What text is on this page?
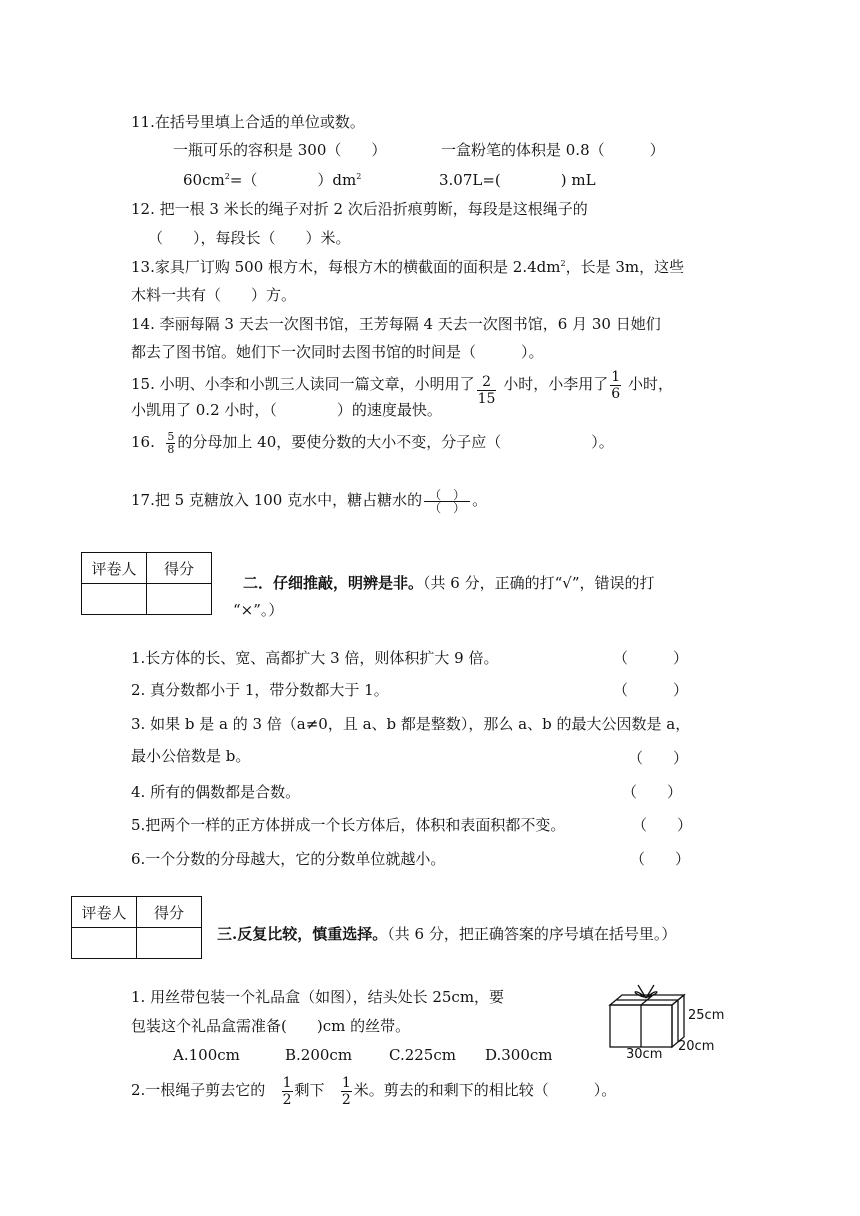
11.在括号里填上合适的单位或数。
一瓶可乐的容积是 300（　　）	一盒粉笔的体积是 0.8（　　　）
$60cm^2=$（　　　　）$dm^2$	3.07L=(　　　　) mL
12. 把一根 3 米长的绳子对折 2 次后沿折痕剪断，每段是这根绳子的
（　　），每段长（　　）米。
13.家具厂订购 500 根方木，每根方木的横截面的面积是 $2.4dm^2$，长是 3m，这些
木料一共有（　　）方。
14. 李丽每隔 3 天去一次图书馆，王芳每隔 4 天去一次图书馆，6 月 30 日她们
都去了图书馆。她们下一次同时去图书馆的时间是（　　　）。
15. 小明、小李和小凯三人读同一篇文章，小明用了 $\frac{2}{15}$ 小时，小李用了 $\frac{1}{6}$ 小时，
小凯用了 0.2 小时，（　　　　）的速度最快。
16. $\frac{5}{8}$ 的分母加上 40，要使分数的大小不变，分子应（　　　　　　）。
17.把 5 克糖放入 100 克水中，糖占糖水的 $\frac{( )}{( )}$ 。
评卷人	得分

二．仔细推敲，明辨是非。（共 6 分，正确的打“√”，错误的打
“×”。）
1.长方体的长、宽、高都扩大 3 倍，则体积扩大 9 倍。	（　　　）
2. 真分数都小于 1，带分数都大于 1。	（　　　）
3. 如果 b 是 a 的 3 倍（a≠0，且 a、b 都是整数），那么 a、b 的最大公因数是 a，
最小公倍数是 b。	（　　）
4. 所有的偶数都是合数。	（　　）
5.把两个一样的正方体拼成一个长方体后，体积和表面积都不变。	（　　）
6.一个分数的分母越大，它的分数单位就越小。	（　　）
评卷人	得分

三.反复比较，慎重选择。（共 6 分，把正确答案的序号填在括号里。）
1. 用丝带包装一个礼品盒（如图），结头处长 25cm，要
包装这个礼品盒需准备(　　)cm 的丝带。
A.100cm	B.200cm C.225cm D.300cm
25cm
20cm
30cm
2.一根绳子剪去它的 $\frac{1}{2}$ 剩下 $\frac{1}{2}$ 米。剪去的和剩下的相比较（　　　）。
